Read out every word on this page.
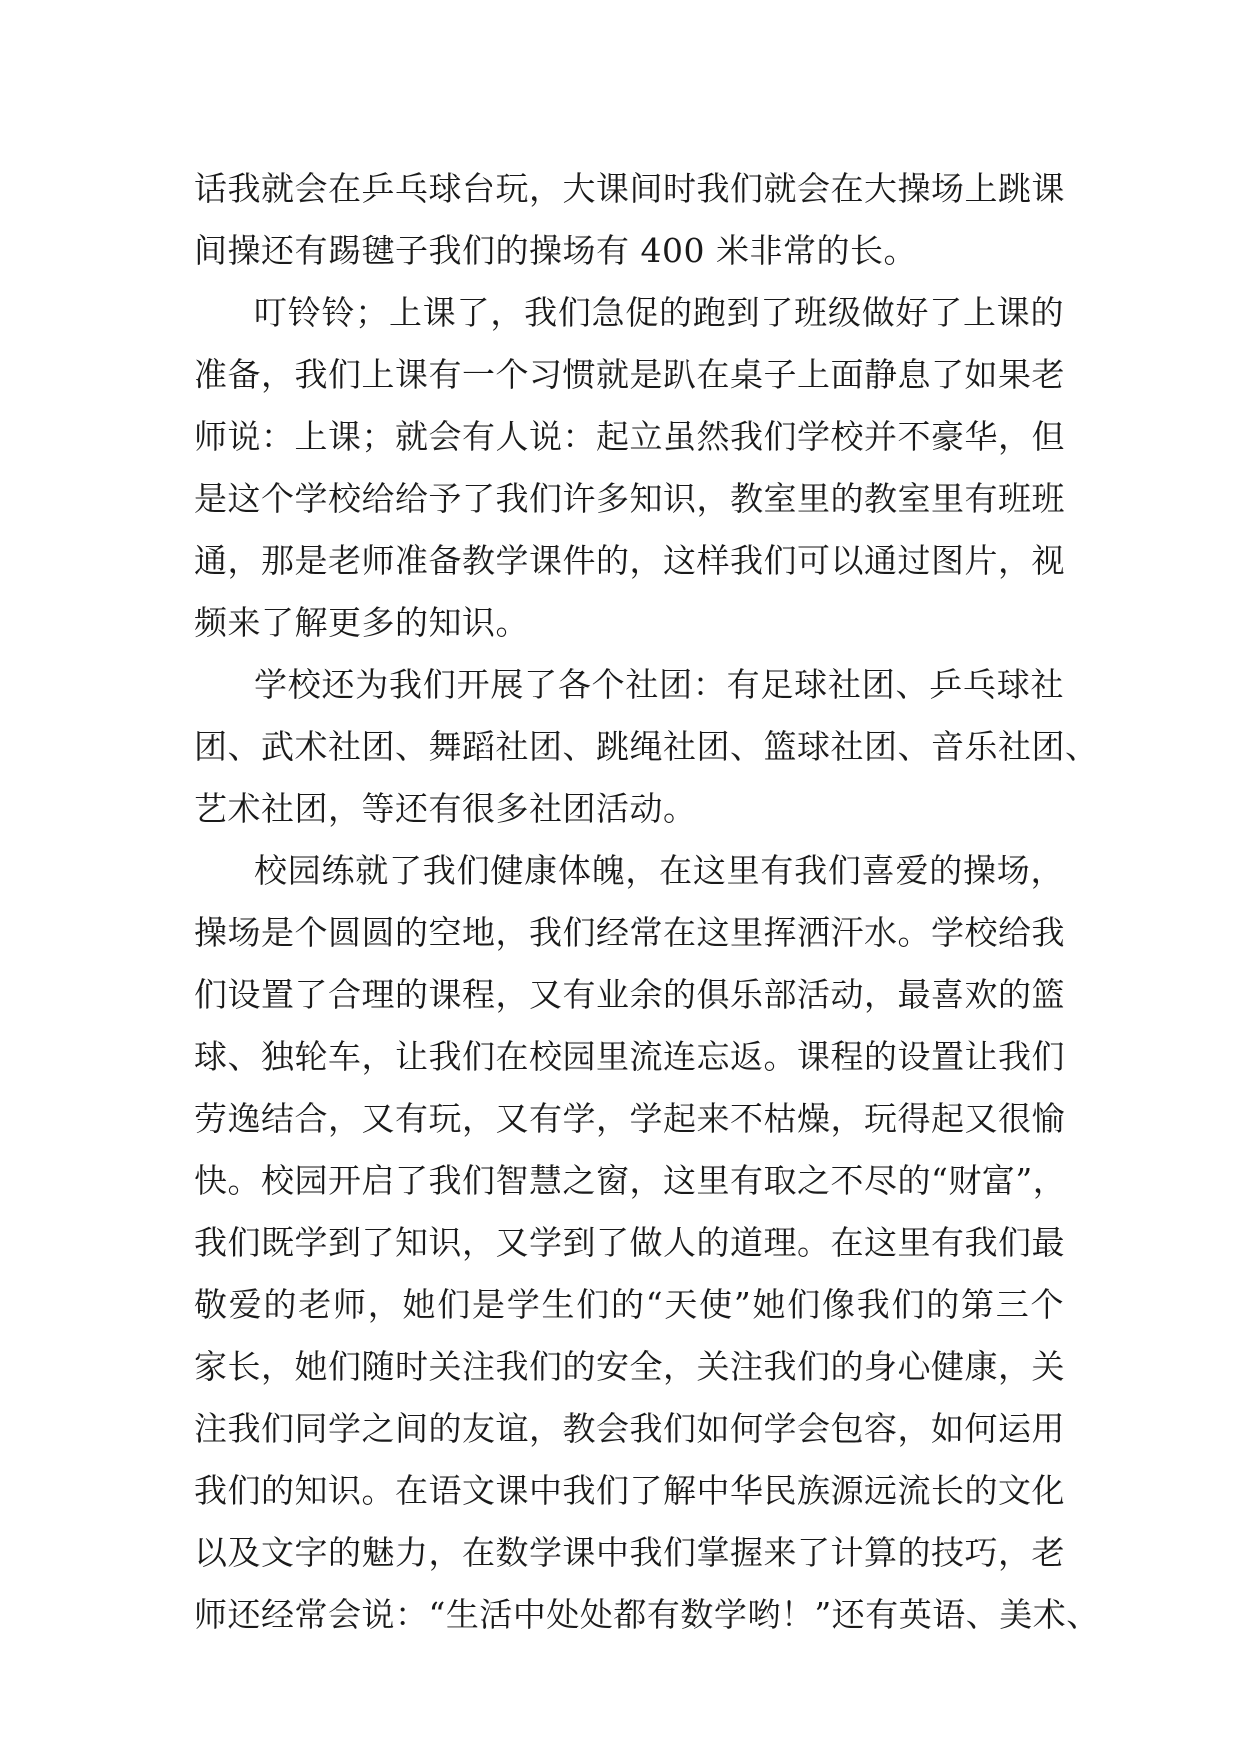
话我就会在乒乓球台玩，大课间时我们就会在大操场上跳课
间操还有踢毽子我们的操场有 400 米非常的长。
叮铃铃；上课了，我们急促的跑到了班级做好了上课的
准备，我们上课有一个习惯就是趴在桌子上面静息了如果老
师说：上课；就会有人说：起立虽然我们学校并不豪华，但
是这个学校给给予了我们许多知识，教室里的教室里有班班
通，那是老师准备教学课件的，这样我们可以通过图片，视
频来了解更多的知识。
学校还为我们开展了各个社团：有足球社团、乒乓球社
团、武术社团、舞蹈社团、跳绳社团、篮球社团、音乐社团、
艺术社团，等还有很多社团活动。
校园练就了我们健康体魄，在这里有我们喜爱的操场，
操场是个圆圆的空地，我们经常在这里挥洒汗水。学校给我
们设置了合理的课程，又有业余的俱乐部活动，最喜欢的篮
球、独轮车，让我们在校园里流连忘返。课程的设置让我们
劳逸结合，又有玩，又有学，学起来不枯燥，玩得起又很愉
快。校园开启了我们智慧之窗，这里有取之不尽的“财富”，
我们既学到了知识，又学到了做人的道理。在这里有我们最
敬爱的老师，她们是学生们的“天使”她们像我们的第三个
家长，她们随时关注我们的安全，关注我们的身心健康，关
注我们同学之间的友谊，教会我们如何学会包容，如何运用
我们的知识。在语文课中我们了解中华民族源远流长的文化
以及文字的魅力，在数学课中我们掌握来了计算的技巧，老
师还经常会说：“生活中处处都有数学哟！”还有英语、美术、
